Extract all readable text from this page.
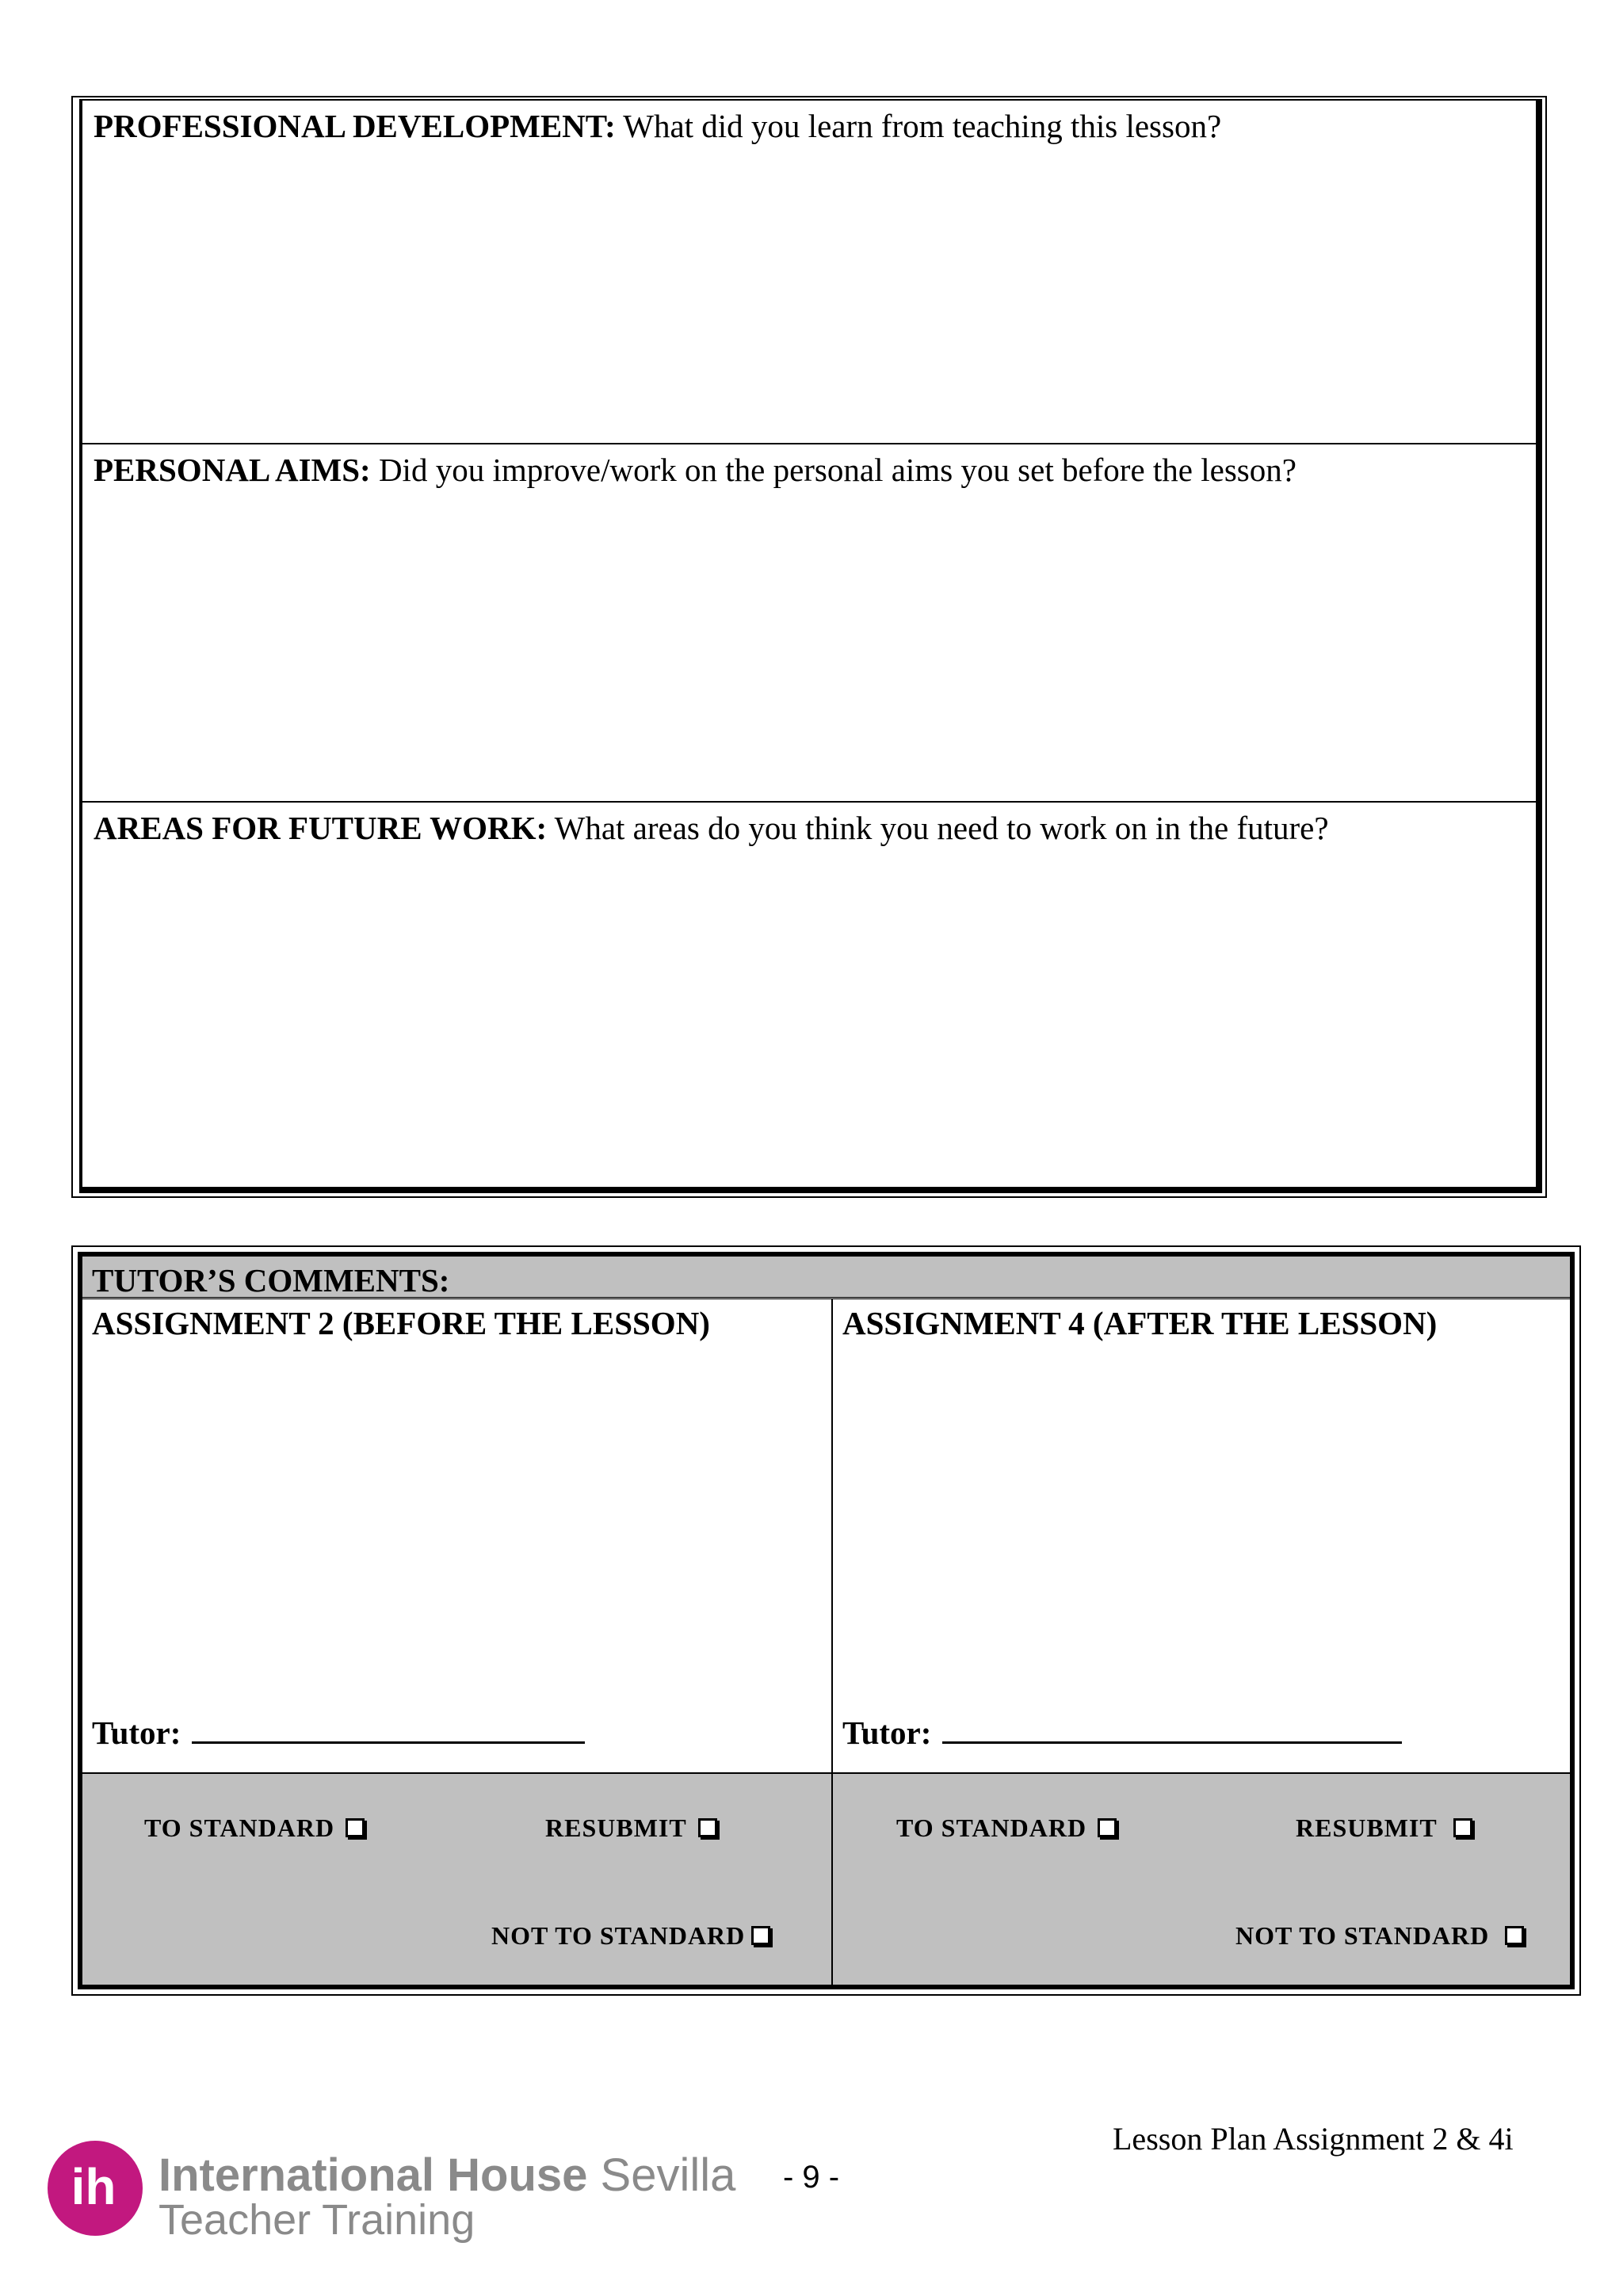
PROFESSIONAL DEVELOPMENT: What did you learn from teaching this lesson?
PERSONAL AIMS: Did you improve/work on the personal aims you set before the lesson?
AREAS FOR FUTURE WORK: What areas do you think you need to work on in the future?
TUTOR’S COMMENTS:
ASSIGNMENT 2 (BEFORE THE LESSON)
Tutor:
ASSIGNMENT 4 (AFTER THE LESSON)
Tutor:
TO STANDARD	RESUBMIT
NOT TO STANDARD
TO STANDARD	RESUBMIT
NOT TO STANDARD
Lesson Plan Assignment 2 & 4i
ih International House Sevilla
Teacher Training
- 9 -
